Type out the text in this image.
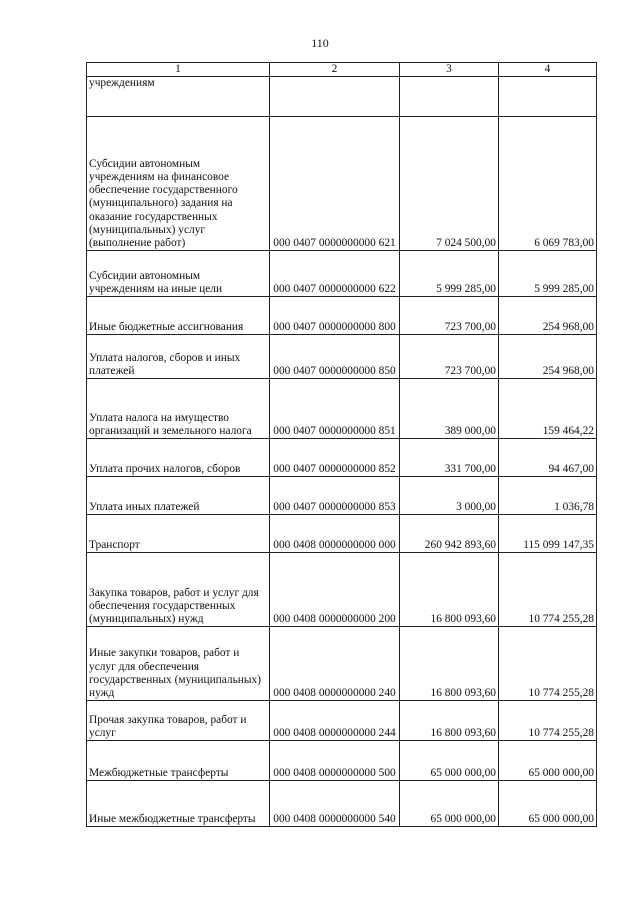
110
1	2	3	4
учреждениям			
Субсидии автономным учреждениям на финансовое обеспечение государственного (муниципального) задания на оказание государственных (муниципальных) услуг (выполнение работ)	000 0407 0000000000 621	7 024 500,00	6 069 783,00
Субсидии автономным учреждениям на иные цели	000 0407 0000000000 622	5 999 285,00	5 999 285,00
Иные бюджетные ассигнования	000 0407 0000000000 800	723 700,00	254 968,00
Уплата налогов, сборов и иных платежей	000 0407 0000000000 850	723 700,00	254 968,00
Уплата налога на имущество организаций и земельного налога	000 0407 0000000000 851	389 000,00	159 464,22
Уплата прочих налогов, сборов	000 0407 0000000000 852	331 700,00	94 467,00
Уплата иных платежей	000 0407 0000000000 853	3 000,00	1 036,78
Транспорт	000 0408 0000000000 000	260 942 893,60	115 099 147,35
Закупка товаров, работ и услуг для обеспечения государственных (муниципальных) нужд	000 0408 0000000000 200	16 800 093,60	10 774 255,28
Иные закупки товаров, работ и услуг для обеспечения государственных (муниципальных) нужд	000 0408 0000000000 240	16 800 093,60	10 774 255,28
Прочая закупка товаров, работ и услуг	000 0408 0000000000 244	16 800 093,60	10 774 255,28
Межбюджетные трансферты	000 0408 0000000000 500	65 000 000,00	65 000 000,00
Иные межбюджетные трансферты	000 0408 0000000000 540	65 000 000,00	65 000 000,00
